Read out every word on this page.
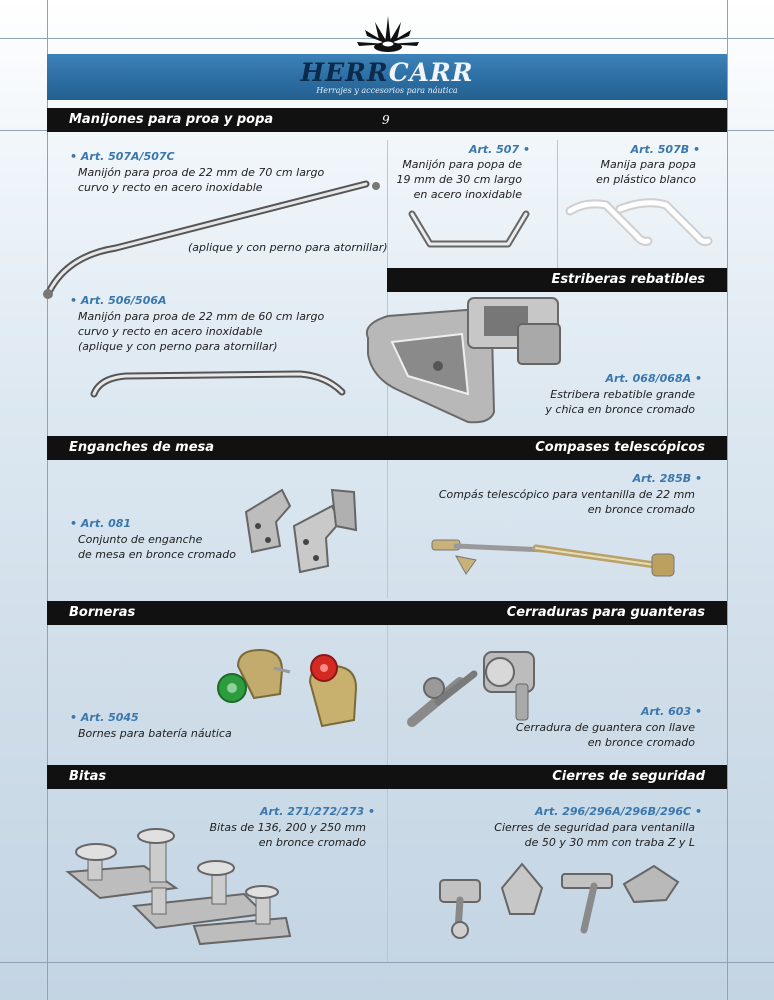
HERRCARR
Herrajes y accesorios para náutica
Manijones para proa y popa	9
• Art. 507A/507C
Manijón para proa de 22 mm de 70 cm largo
curvo y recto en acero inoxidable
(aplique y con perno para atornillar)
Art. 507 •
Manijón para popa de
19 mm de 30 cm largo
en acero inoxidable
Art. 507B •
Manija para popa
en plástico blanco
Estriberas rebatibles
• Art. 506/506A
Manijón para proa de 22 mm de 60 cm largo
curvo y recto en acero inoxidable
(aplique y con perno para atornillar)
Art. 068/068A •
Estribera rebatible grande
y chica en bronce cromado
Enganches de mesa	Compases telescópicos
• Art. 081
Conjunto de enganche
de mesa en bronce cromado
Art. 285B •
Compás telescópico para ventanilla de 22 mm
en bronce cromado
Borneras	Cerraduras para guanteras
• Art. 5045
Bornes para batería náutica
Art. 603 •
Cerradura de guantera con llave
en bronce cromado
Bitas	Cierres de seguridad
Art. 271/272/273 •
Bitas de 136, 200 y 250 mm
en bronce cromado
Art. 296/296A/296B/296C •
Cierres de seguridad para ventanilla
de 50 y 30 mm con traba Z y L
